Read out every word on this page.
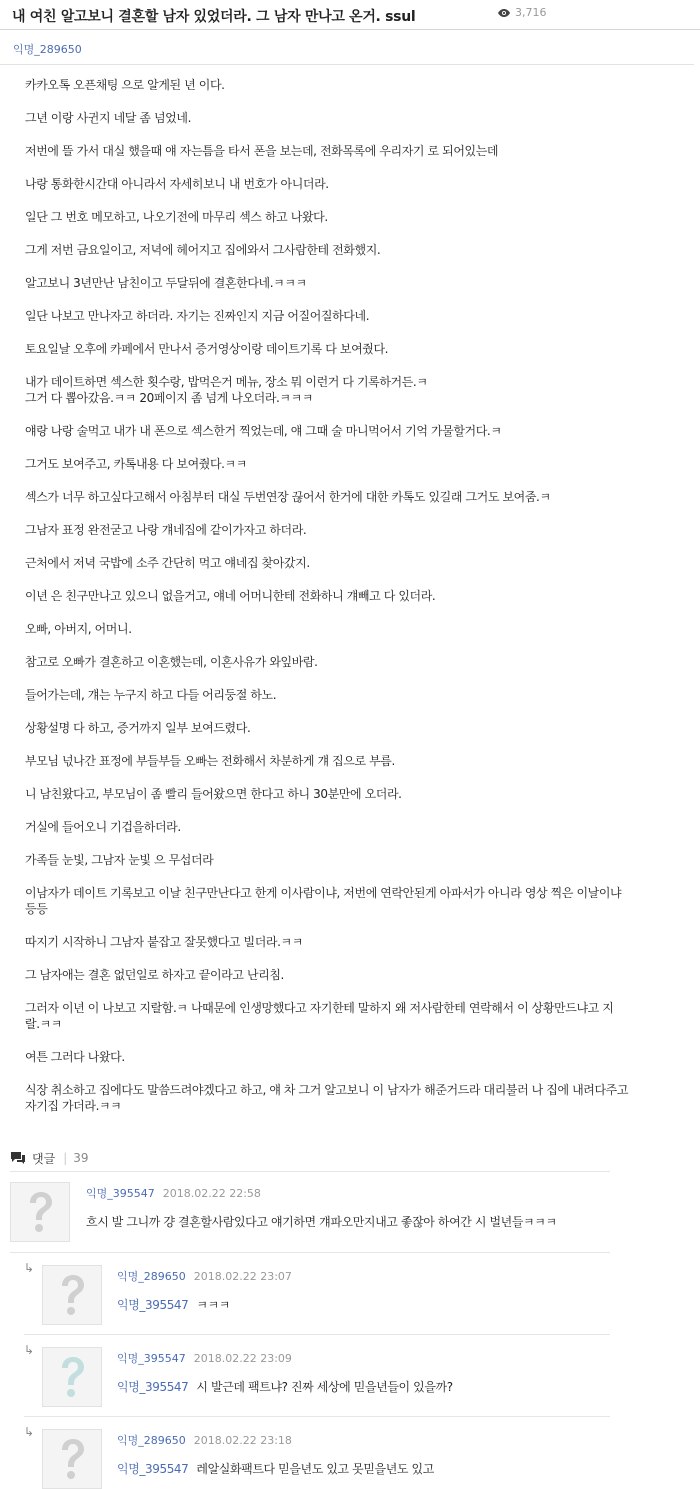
내 여친 알고보니 결혼할 남자 있었더라. 그 남자 만나고 온거. ssul	3,716
익명_289650

카카오톡 오픈채팅 으로 알게된 년 이다.

그년 이랑 사귄지 네달 좀 넘었네.

저번에 뜰 가서 대실 했을때 얘 자는틈을 타서 폰을 보는데, 전화목록에 우리자기 로 되어있는데

나랑 통화한시간대 아니라서 자세히보니 내 번호가 아니더라.

일단 그 번호 메모하고, 나오기전에 마무리 섹스 하고 나왔다.

그게 저번 금요일이고, 저녁에 헤어지고 집에와서 그사람한테 전화했지.

알고보니 3년만난 남친이고 두달뒤에 결혼한다네.ㅋㅋㅋ

일단 나보고 만나자고 하더라. 자기는 진짜인지 지금 어질어질하다네.

토요일날 오후에 카페에서 만나서 증거영상이랑 데이트기록 다 보여줬다.

내가 데이트하면 섹스한 횟수랑, 밥먹은거 메뉴, 장소 뭐 이런거 다 기록하거든.ㅋ
그거 다 뽑아갔음.ㅋㅋ 20페이지 좀 넘게 나오더라.ㅋㅋㅋ

얘랑 나랑 술먹고 내가 내 폰으로 섹스한거 찍었는데, 얘 그때 술 마니먹어서 기억 가물할거다.ㅋ

그거도 보여주고, 카톡내용 다 보여줬다.ㅋㅋ

섹스가 너무 하고싶다고해서 아침부터 대실 두번연장 끊어서 한거에 대한 카톡도 있길래 그거도 보여줌.ㅋ

그남자 표정 완전굳고 나랑 걔네집에 같이가자고 하더라.

근처에서 저녁 국밥에 소주 간단히 먹고 얘네집 찾아갔지.

이년 은 친구만나고 있으니 없을거고, 얘네 어머니한테 전화하니 걔빼고 다 있더라.

오빠, 아버지, 어머니.

참고로 오빠가 결혼하고 이혼했는데, 이혼사유가 와잎바람.

들어가는데, 걔는 누구지 하고 다들 어리둥절 하노.

상황설명 다 하고, 증거까지 일부 보여드렸다.

부모님 넋나간 표정에 부들부들 오빠는 전화해서 차분하게 걔 집으로 부름.

니 남친왔다고, 부모님이 좀 빨리 들어왔으면 한다고 하니 30분만에 오더라.

거실에 들어오니 기겁을하더라.

가족들 눈빛, 그남자 눈빛 으 무섭더라

이남자가 데이트 기록보고 이날 친구만난다고 한게 이사람이냐, 저번에 연락안된게 아파서가 아니라 영상 찍은 이날이냐
등등

따지기 시작하니 그남자 붙잡고 잘못했다고 빌더라.ㅋㅋ

그 남자애는 결혼 없던일로 하자고 끝이라고 난리침.

그러자 이년 이 나보고 지랄함.ㅋ 나때문에 인생망했다고 자기한테 말하지 왜 저사람한테 연락해서 이 상황만드냐고 지
랄.ㅋㅋ

여튼 그러다 나왔다.

식장 취소하고 집에다도 말씀드려야겠다고 하고, 얘 차 그거 알고보니 이 남자가 해준거드라 대리불러 나 집에 내려다주고
자기집 가더라.ㅋㅋ

댓글 | 39
익명_395547 2018.02.22 22:58
흐시 발 그니까 걍 결혼할사람있다고 얘기하면 걔파오만지내고 좋잖아 하여간 시 벌년들ㅋㅋㅋ
↳
익명_289650 2018.02.22 23:07
익명_395547 ㅋㅋㅋ
↳
익명_395547 2018.02.22 23:09
익명_395547 시 발근데 팩트냐? 진짜 세상에 믿을년들이 있을까?
↳
익명_289650 2018.02.22 23:18
익명_395547 레알실화팩트다 믿을년도 있고 못믿을년도 있고
